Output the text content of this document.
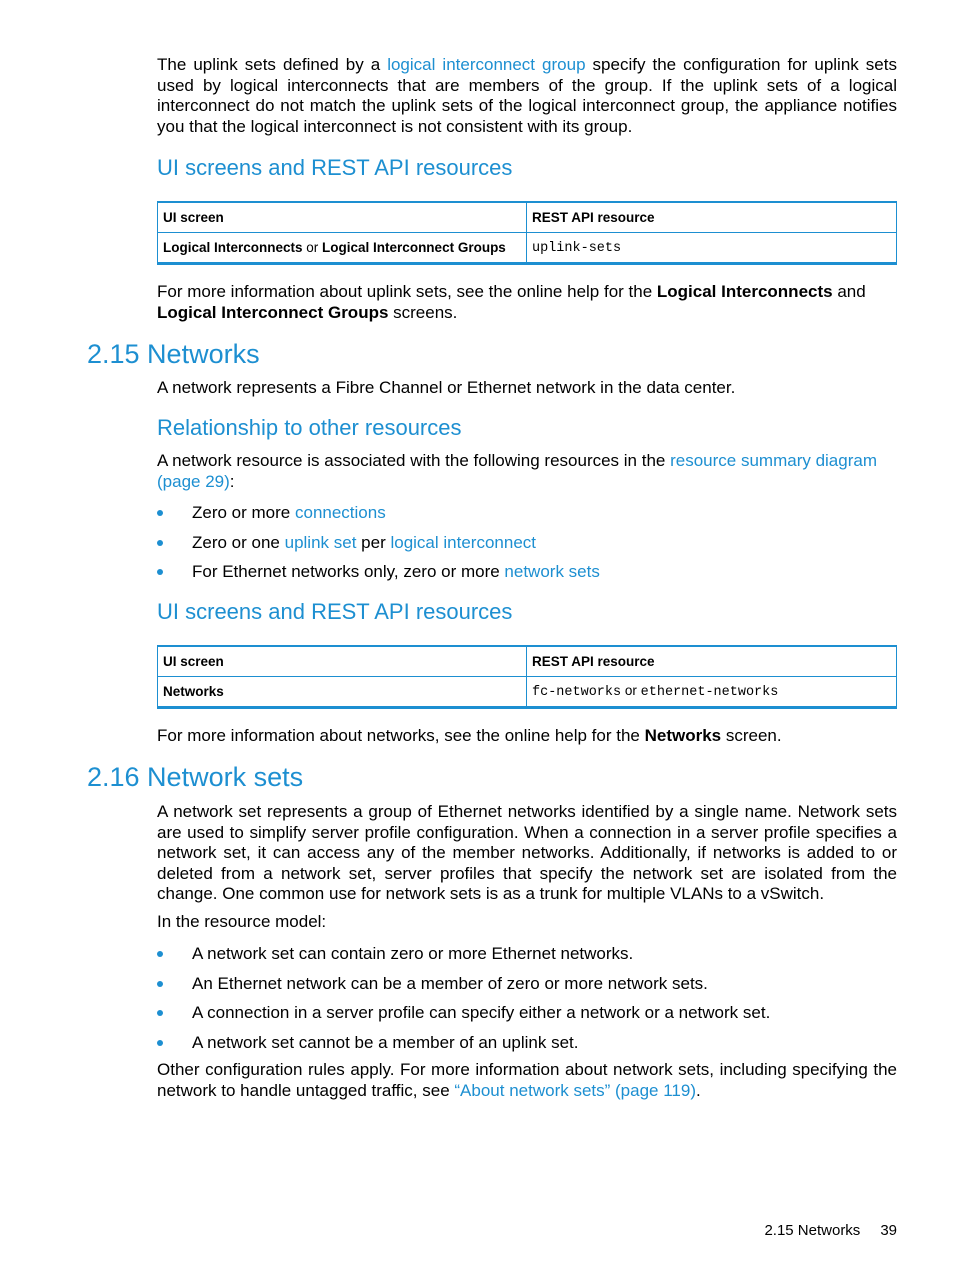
The uplink sets defined by a logical interconnect group specify the configuration for uplink sets used by logical interconnects that are members of the group. If the uplink sets of a logical interconnect do not match the uplink sets of the logical interconnect group, the appliance notifies you that the logical interconnect is not consistent with its group.

UI screens and REST API resources
UI screen	REST API resource
Logical Interconnects or Logical Interconnect Groups	uplink-sets

For more information about uplink sets, see the online help for the Logical Interconnects and Logical Interconnect Groups screens.

2.15 Networks

A network represents a Fibre Channel or Ethernet network in the data center.

Relationship to other resources

A network resource is associated with the following resources in the resource summary diagram (page 29):

Zero or more connections
Zero or one uplink set per logical interconnect
For Ethernet networks only, zero or more network sets
UI screens and REST API resources
UI screen	REST API resource
Networks	fc-networks or ethernet-networks

For more information about networks, see the online help for the Networks screen.

2.16 Network sets

A network set represents a group of Ethernet networks identified by a single name. Network sets are used to simplify server profile configuration. When a connection in a server profile specifies a network set, it can access any of the member networks. Additionally, if networks is added to or deleted from a network set, server profiles that specify the network set are isolated from the change. One common use for network sets is as a trunk for multiple VLANs to a vSwitch.

In the resource model:

A network set can contain zero or more Ethernet networks.
An Ethernet network can be a member of zero or more network sets.
A connection in a server profile can specify either a network or a network set.
A network set cannot be a member of an uplink set.

Other configuration rules apply. For more information about network sets, including specifying the network to handle untagged traffic, see “About network sets” (page 119).

2.15 Networks 39
